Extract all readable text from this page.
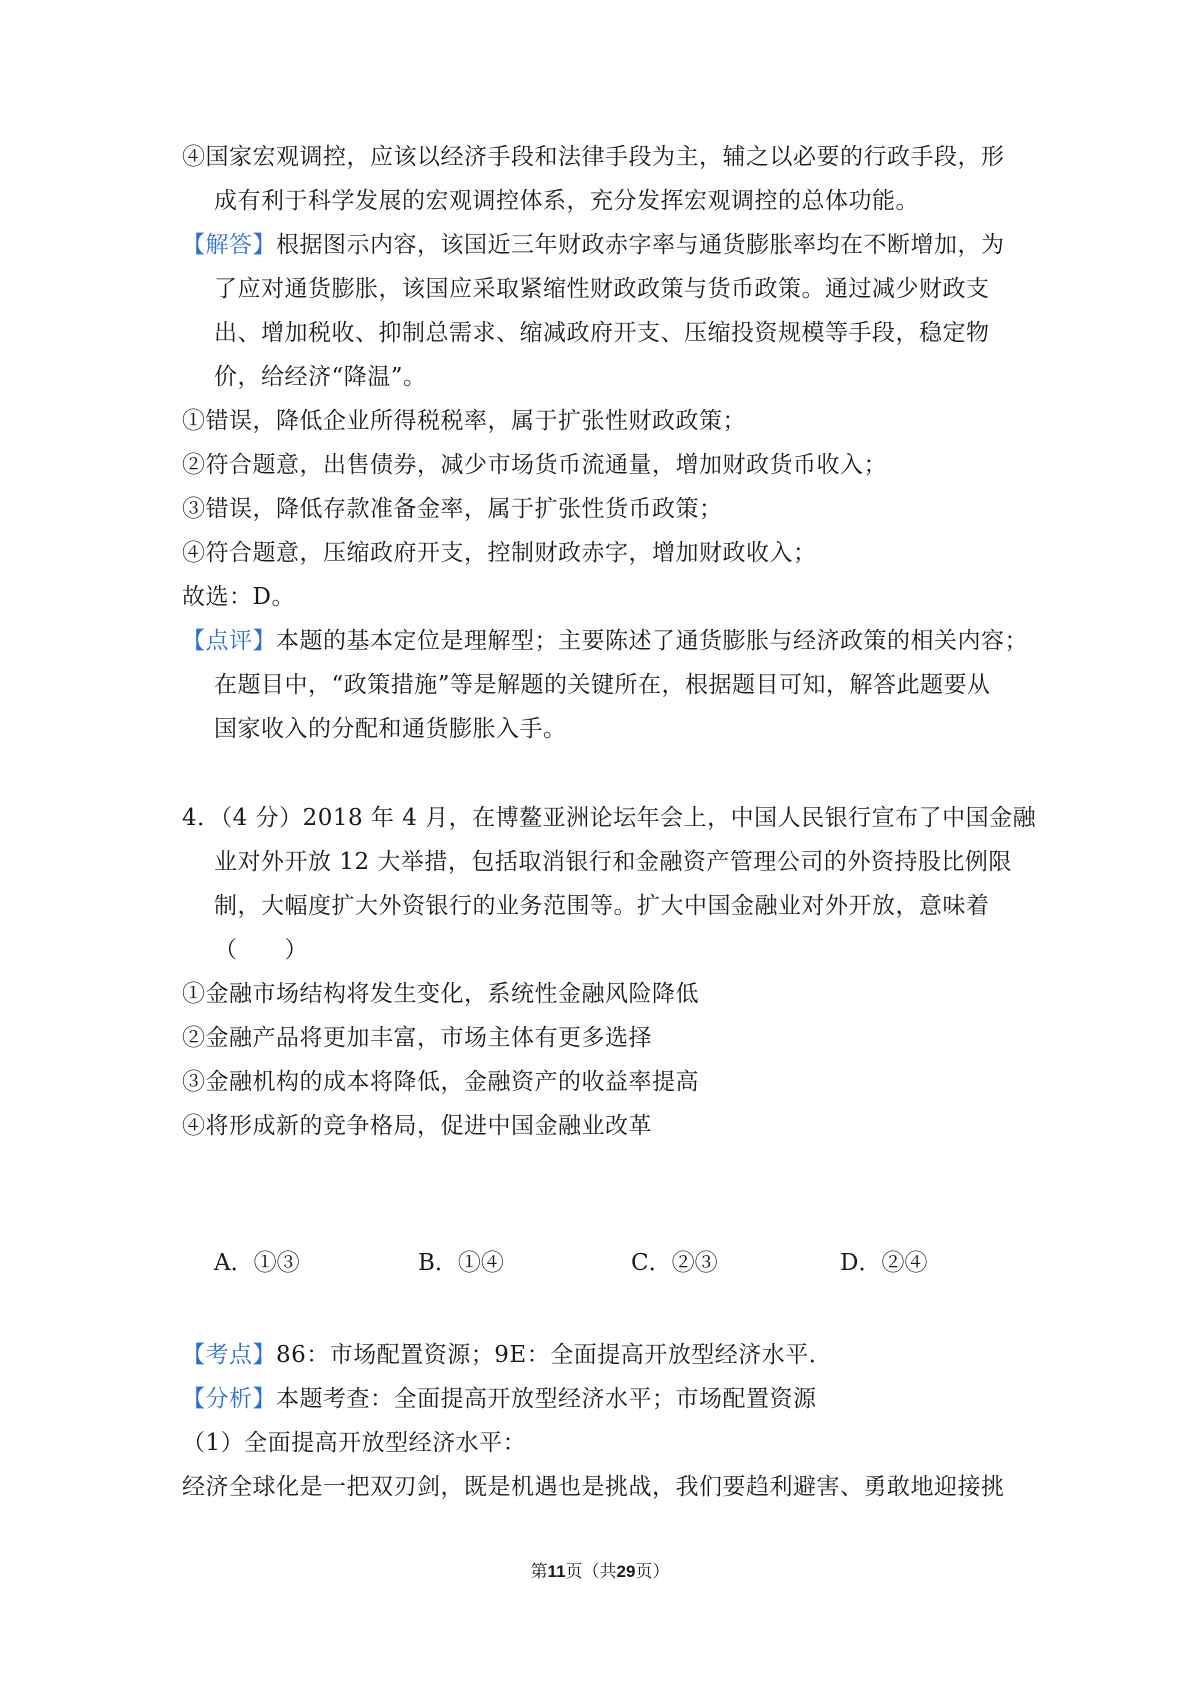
④国家宏观调控，应该以经济手段和法律手段为主，辅之以必要的行政手段，形
成有利于科学发展的宏观调控体系，充分发挥宏观调控的总体功能。
【解答】根据图示内容，该国近三年财政赤字率与通货膨胀率均在不断增加，为
了应对通货膨胀，该国应采取紧缩性财政政策与货币政策。通过减少财政支
出、增加税收、抑制总需求、缩减政府开支、压缩投资规模等手段，稳定物
价，给经济“降温”。
①错误，降低企业所得税税率，属于扩张性财政政策；
②符合题意，出售债券，减少市场货币流通量，增加财政货币收入；
③错误，降低存款准备金率，属于扩张性货币政策；
④符合题意，压缩政府开支，控制财政赤字，增加财政收入；
故选：D。
【点评】本题的基本定位是理解型；主要陈述了通货膨胀与经济政策的相关内容；
在题目中，“政策措施”等是解题的关键所在，根据题目可知，解答此题要从
国家收入的分配和通货膨胀入手。
4．（4 分）2018 年 4 月，在博鳌亚洲论坛年会上，中国人民银行宣布了中国金融
业对外开放 12 大举措，包括取消银行和金融资产管理公司的外资持股比例限
制，大幅度扩大外资银行的业务范围等。扩大中国金融业对外开放，意味着
（　　）
①金融市场结构将发生变化，系统性金融风险降低
②金融产品将更加丰富，市场主体有更多选择
③金融机构的成本将降低，金融资产的收益率提高
④将形成新的竞争格局，促进中国金融业改革
A．①③	B．①④	C．②③	D．②④
【考点】86：市场配置资源；9E：全面提高开放型经济水平．
【分析】本题考查：全面提高开放型经济水平；市场配置资源
（1）全面提高开放型经济水平：
经济全球化是一把双刃剑，既是机遇也是挑战，我们要趋利避害、勇敢地迎接挑
第11页（共29页）
